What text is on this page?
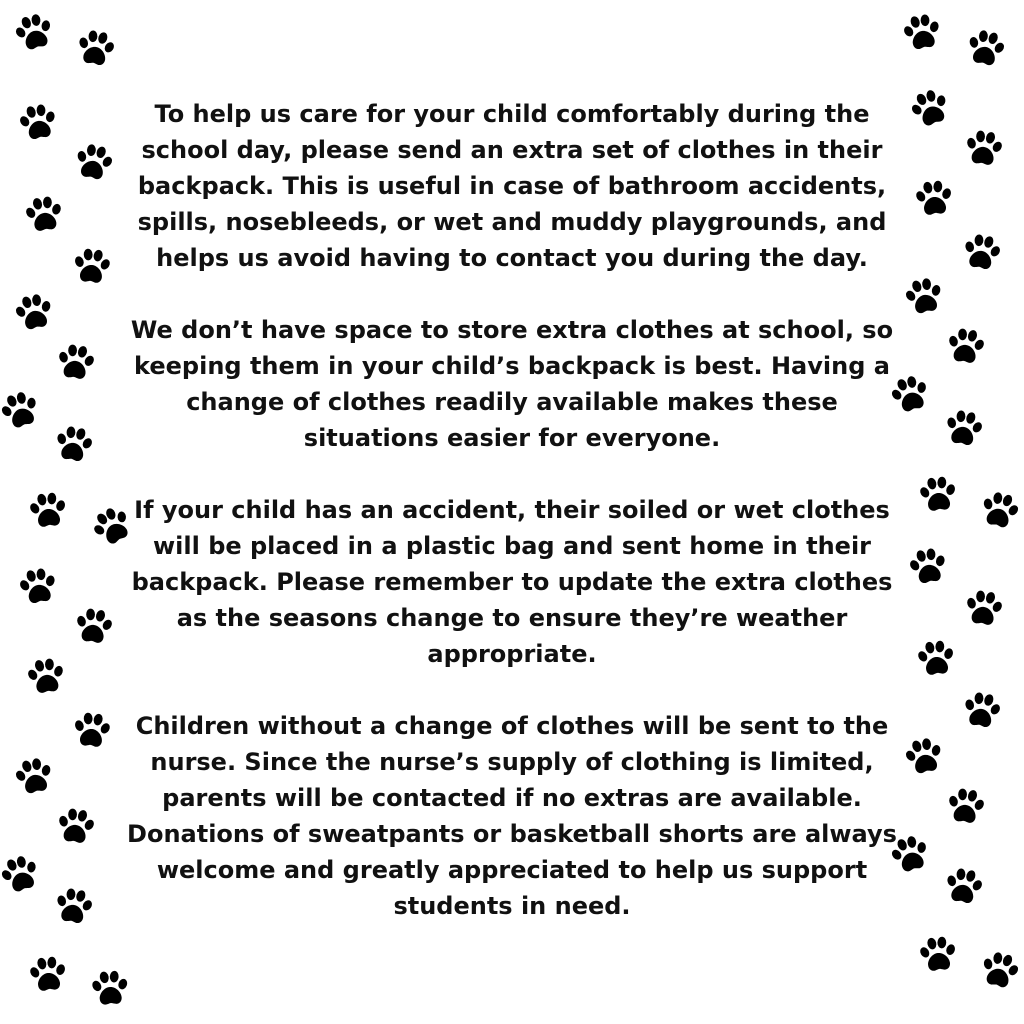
To help us care for your child comfortably during the school day, please send an extra set of clothes in their backpack. This is useful in case of bathroom accidents, spills, nosebleeds, or wet and muddy playgrounds, and helps us avoid having to contact you during the day.

We don’t have space to store extra clothes at school, so keeping them in your child’s backpack is best. Having a change of clothes readily available makes these situations easier for everyone.

If your child has an accident, their soiled or wet clothes will be placed in a plastic bag and sent home in their backpack. Please remember to update the extra clothes as the seasons change to ensure they’re weather appropriate.

Children without a change of clothes will be sent to the nurse. Since the nurse’s supply of clothing is limited, parents will be contacted if no extras are available. Donations of sweatpants or basketball shorts are always welcome and greatly appreciated to help us support students in need.
